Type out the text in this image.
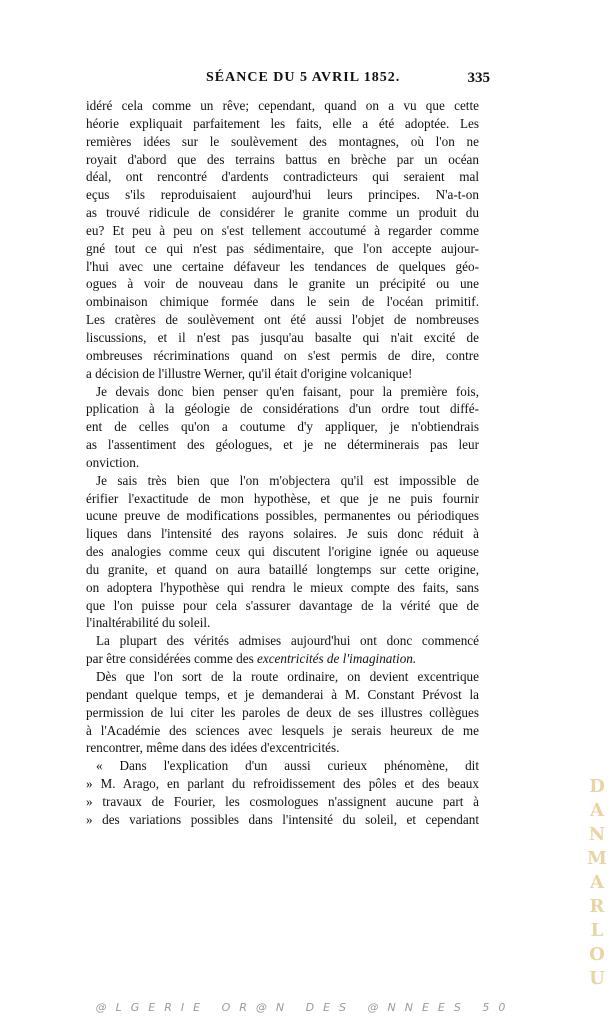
SÉANCE DU 5 AVRIL 1852.	335
idéré cela comme un rêve; cependant, quand on a vu que cette
héorie expliquait parfaitement les faits, elle a été adoptée. Les
remières idées sur le soulèvement des montagnes, où l'on ne
royait d'abord que des terrains battus en brèche par un océan
déal, ont rencontré d'ardents contradicteurs qui seraient mal
eçus s'ils reproduisaient aujourd'hui leurs principes. N'a-t-on
as trouvé ridicule de considérer le granite comme un produit du
eu? Et peu à peu on s'est tellement accoutumé à regarder comme
gné tout ce qui n'est pas sédimentaire, que l'on accepte aujour-
l'hui avec une certaine défaveur les tendances de quelques géo-
ogues à voir de nouveau dans le granite un précipité ou une
ombinaison chimique formée dans le sein de l'océan primitif.
Les cratères de soulèvement ont été aussi l'objet de nombreuses
liscussions, et il n'est pas jusqu'au basalte qui n'ait excité de
ombreuses récriminations quand on s'est permis de dire, contre
a décision de l'illustre Werner, qu'il était d'origine volcanique!
Je devais donc bien penser qu'en faisant, pour la première fois,
pplication à la géologie de considérations d'un ordre tout diffé-
ent de celles qu'on a coutume d'y appliquer, je n'obtiendrais
as l'assentiment des géologues, et je ne déterminerais pas leur
onviction.
Je sais très bien que l'on m'objectera qu'il est impossible de
érifier l'exactitude de mon hypothèse, et que je ne puis fournir
ucune preuve de modifications possibles, permanentes ou périodiques
liques dans l'intensité des rayons solaires. Je suis donc réduit à
des analogies comme ceux qui discutent l'origine ignée ou aqueuse
du granite, et quand on aura bataillé longtemps sur cette origine,
on adoptera l'hypothèse qui rendra le mieux compte des faits, sans
que l'on puisse pour cela s'assurer davantage de la vérité que de
l'inaltérabilité du soleil.
La plupart des vérités admises aujourd'hui ont donc commencé
par être considérées comme des excentricités de l'imagination.
Dès que l'on sort de la route ordinaire, on devient excentrique
pendant quelque temps, et je demanderai à M. Constant Prévost la
permission de lui citer les paroles de deux de ses illustres collègues
à l'Académie des sciences avec lesquels je serais heureux de me
rencontrer, même dans des idées d'excentricités.
« Dans l'explication d'un aussi curieux phénomène, dit
» M. Arago, en parlant du refroidissement des pôles et des beaux
» travaux de Fourier, les cosmologues n'assignent aucune part à
» des variations possibles dans l'intensité du soleil, et cependant
D
A
N
M
A
R
L
O
U
@LGERIE OR@N DES @NNEES 50
